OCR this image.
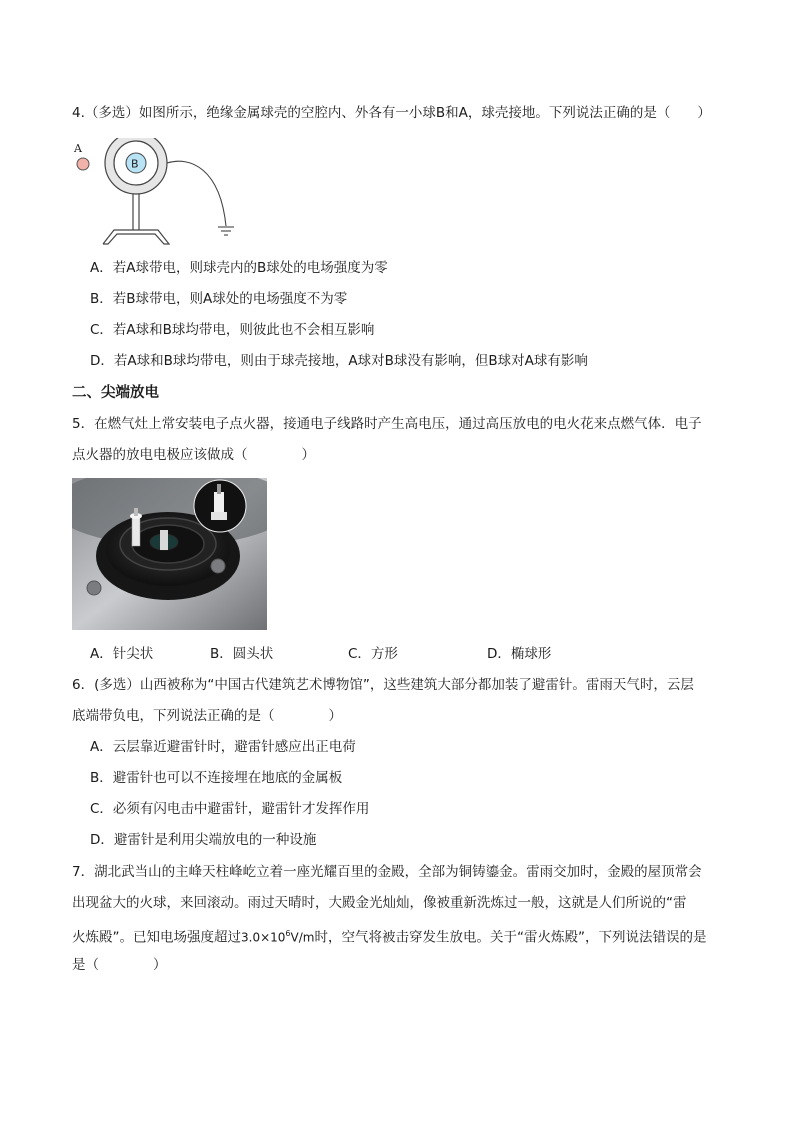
4.（多选）如图所示，绝缘金属球壳的空腔内、外各有一小球B和A，球壳接地。下列说法正确的是（　　）
A
B
A．若A球带电，则球壳内的B球处的电场强度为零
B．若B球带电，则A球处的电场强度不为零
C．若A球和B球均带电，则彼此也不会相互影响
D．若A球和B球均带电，则由于球壳接地，A球对B球没有影响，但B球对A球有影响
二、尖端放电
5．在燃气灶上常安装电子点火器，接通电子线路时产生高电压，通过高压放电的电火花来点燃气体．电子
点火器的放电电极应该做成（　　　　）
A．针尖状	B．圆头状	C．方形	D．椭球形
6．(多选）山西被称为“中国古代建筑艺术博物馆”，这些建筑大部分都加装了避雷针。雷雨天气时，云层
底端带负电，下列说法正确的是（　　　　）
A．云层靠近避雷针时，避雷针感应出正电荷
B．避雷针也可以不连接埋在地底的金属板
C．必须有闪电击中避雷针，避雷针才发挥作用
D．避雷针是利用尖端放电的一种设施
7．湖北武当山的主峰天柱峰屹立着一座光耀百里的金殿，全部为铜铸鎏金。雷雨交加时，金殿的屋顶常会
出现盆大的火球，来回滚动。雨过天晴时，大殿金光灿灿，像被重新洗炼过一般，这就是人们所说的“雷
火炼殿”。已知电场强度超过$3.0\times 10^6V/m$时，空气将被击穿发生放电。关于“雷火炼殿”，下列说法错误的是
是（　　　　）
